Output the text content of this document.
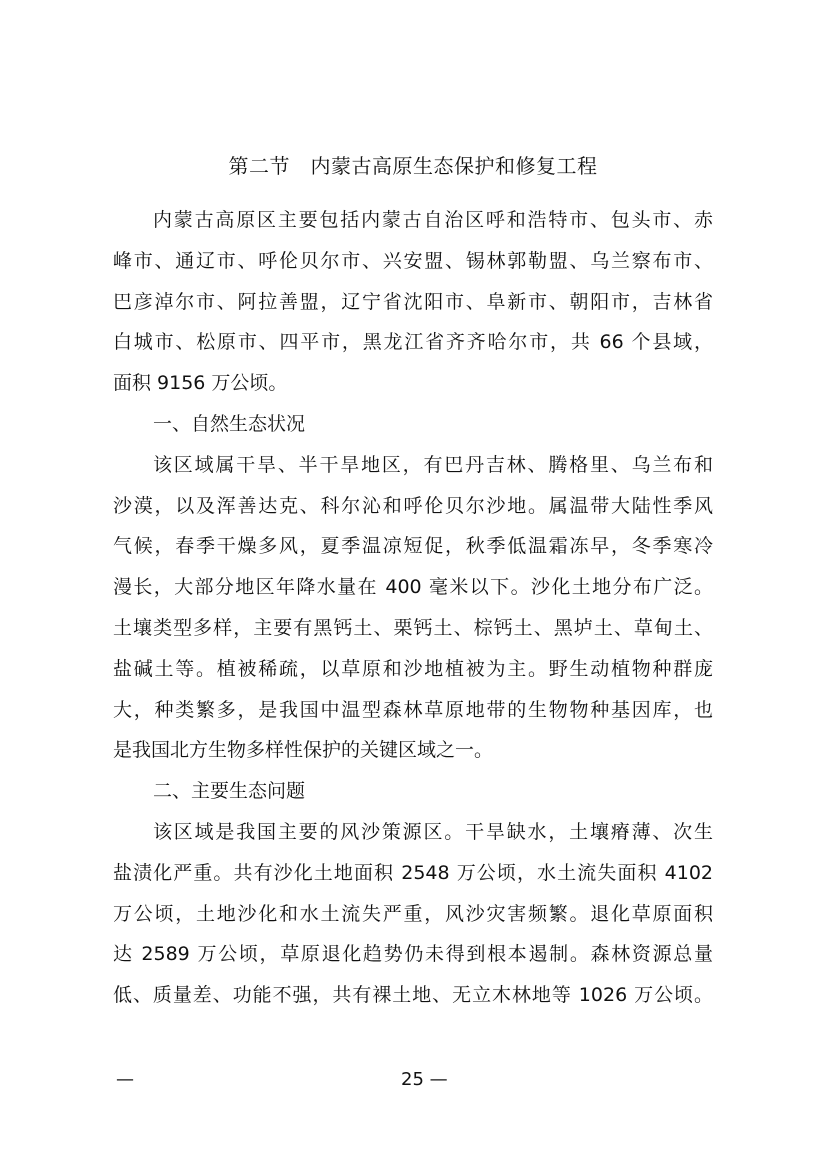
第二节　内蒙古高原生态保护和修复工程
内蒙古高原区主要包括内蒙古自治区呼和浩特市、包头市、赤
峰市、通辽市、呼伦贝尔市、兴安盟、锡林郭勒盟、乌兰察布市、
巴彦淖尔市、阿拉善盟，辽宁省沈阳市、阜新市、朝阳市，吉林省
白城市、松原市、四平市，黑龙江省齐齐哈尔市，共 66 个县域，
面积 9156 万公顷。
一、自然生态状况
该区域属干旱、半干旱地区，有巴丹吉林、腾格里、乌兰布和
沙漠，以及浑善达克、科尔沁和呼伦贝尔沙地。属温带大陆性季风
气候，春季干燥多风，夏季温凉短促，秋季低温霜冻早，冬季寒冷
漫长，大部分地区年降水量在 400 毫米以下。沙化土地分布广泛。
土壤类型多样，主要有黑钙土、栗钙土、棕钙土、黑垆土、草甸土、
盐碱土等。植被稀疏，以草原和沙地植被为主。野生动植物种群庞
大，种类繁多，是我国中温型森林草原地带的生物物种基因库，也
是我国北方生物多样性保护的关键区域之一。
二、主要生态问题
该区域是我国主要的风沙策源区。干旱缺水，土壤瘠薄、次生
盐渍化严重。共有沙化土地面积 2548 万公顷，水土流失面积 4102
万公顷，土地沙化和水土流失严重，风沙灾害频繁。退化草原面积
达 2589 万公顷，草原退化趋势仍未得到根本遏制。森林资源总量
低、质量差、功能不强，共有裸土地、无立木林地等 1026 万公顷。
—	25 —
